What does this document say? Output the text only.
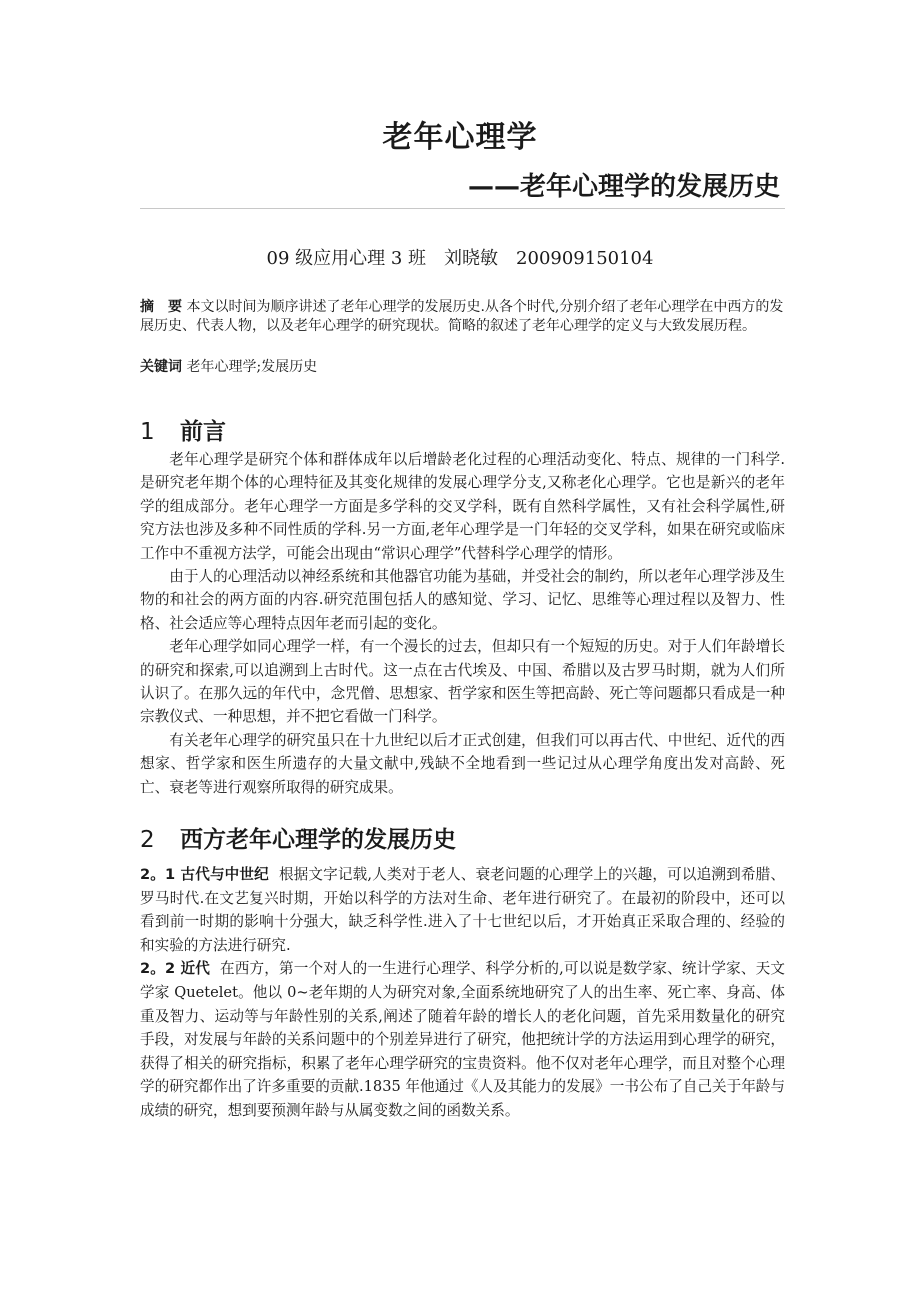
老年心理学
——老年心理学的发展历史
09 级应用心理 3 班　刘晓敏　200909150104
摘　要 本文以时间为顺序讲述了老年心理学的发展历史.从各个时代,分别介绍了老年心理学在中西方的发展历史、代表人物，以及老年心理学的研究现状。简略的叙述了老年心理学的定义与大致发展历程。
关键词 老年心理学;发展历史
1 前言

老年心理学是研究个体和群体成年以后增龄老化过程的心理活动变化、特点、规律的一门科学.是研究老年期个体的心理特征及其变化规律的发展心理学分支,又称老化心理学。它也是新兴的老年学的组成部分。老年心理学一方面是多学科的交叉学科，既有自然科学属性，又有社会科学属性,研究方法也涉及多种不同性质的学科.另一方面,老年心理学是一门年轻的交叉学科，如果在研究或临床工作中不重视方法学，可能会出现由“常识心理学”代替科学心理学的情形。

由于人的心理活动以神经系统和其他器官功能为基础，并受社会的制约，所以老年心理学涉及生物的和社会的两方面的内容.研究范围包括人的感知觉、学习、记忆、思维等心理过程以及智力、性格、社会适应等心理特点因年老而引起的变化。

老年心理学如同心理学一样，有一个漫长的过去，但却只有一个短短的历史。对于人们年龄增长的研究和探索,可以追溯到上古时代。这一点在古代埃及、中国、希腊以及古罗马时期，就为人们所认识了。在那久远的年代中，念咒僧、思想家、哲学家和医生等把高龄、死亡等问题都只看成是一种宗教仪式、一种思想，并不把它看做一门科学。

有关老年心理学的研究虽只在十九世纪以后才正式创建，但我们可以再古代、中世纪、近代的西想家、哲学家和医生所遗存的大量文献中,残缺不全地看到一些记过从心理学角度出发对高龄、死亡、衰老等进行观察所取得的研究成果。

2 西方老年心理学的发展历史

2。1 古代与中世纪 根据文字记载,人类对于老人、衰老问题的心理学上的兴趣，可以追溯到希腊、罗马时代.在文艺复兴时期，开始以科学的方法对生命、老年进行研究了。在最初的阶段中，还可以看到前一时期的影响十分强大，缺乏科学性.进入了十七世纪以后，才开始真正采取合理的、经验的和实验的方法进行研究.

2。2 近代 在西方，第一个对人的一生进行心理学、科学分析的,可以说是数学家、统计学家、天文学家 Quetelet。他以 0~老年期的人为研究对象,全面系统地研究了人的出生率、死亡率、身高、体重及智力、运动等与年龄性别的关系,阐述了随着年龄的增长人的老化问题，首先采用数量化的研究手段，对发展与年龄的关系问题中的个别差异进行了研究，他把统计学的方法运用到心理学的研究，获得了相关的研究指标，积累了老年心理学研究的宝贵资料。他不仅对老年心理学，而且对整个心理学的研究都作出了许多重要的贡献.1835 年他通过《人及其能力的发展》一书公布了自己关于年龄与成绩的研究，想到要预测年龄与从属变数之间的函数关系。
